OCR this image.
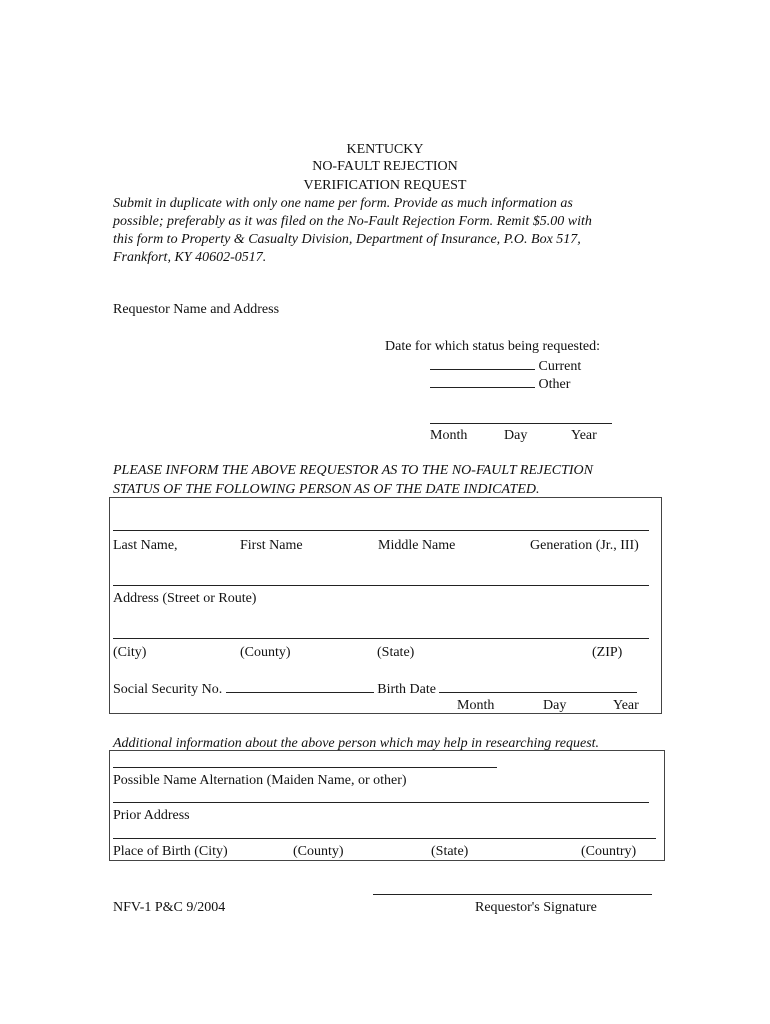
KENTUCKY
NO-FAULT REJECTION
VERIFICATION REQUEST
Submit in duplicate with only one name per form. Provide as much information as
possible; preferably as it was filed on the No-Fault Rejection Form. Remit $5.00 with
this form to Property & Casualty Division, Department of Insurance, P.O. Box 517,
Frankfort, KY 40602-0517.
Requestor Name and Address
Date for which status being requested:
Current
Other
Month	Day	Year
PLEASE INFORM THE ABOVE REQUESTOR AS TO THE NO-FAULT REJECTION
STATUS OF THE FOLLOWING PERSON AS OF THE DATE INDICATED.
Last Name,	First Name	Middle Name	Generation (Jr., III)
Address (Street or Route)
(City)	(County)	(State)	(ZIP)
Social Security No.	Birth Date
Month	Day	Year
Additional information about the above person which may help in researching request.
Possible Name Alternation (Maiden Name, or other)
Prior Address
Place of Birth (City)	(County)	(State)	(Country)
NFV-1 P&C 9/2004	Requestor's Signature
